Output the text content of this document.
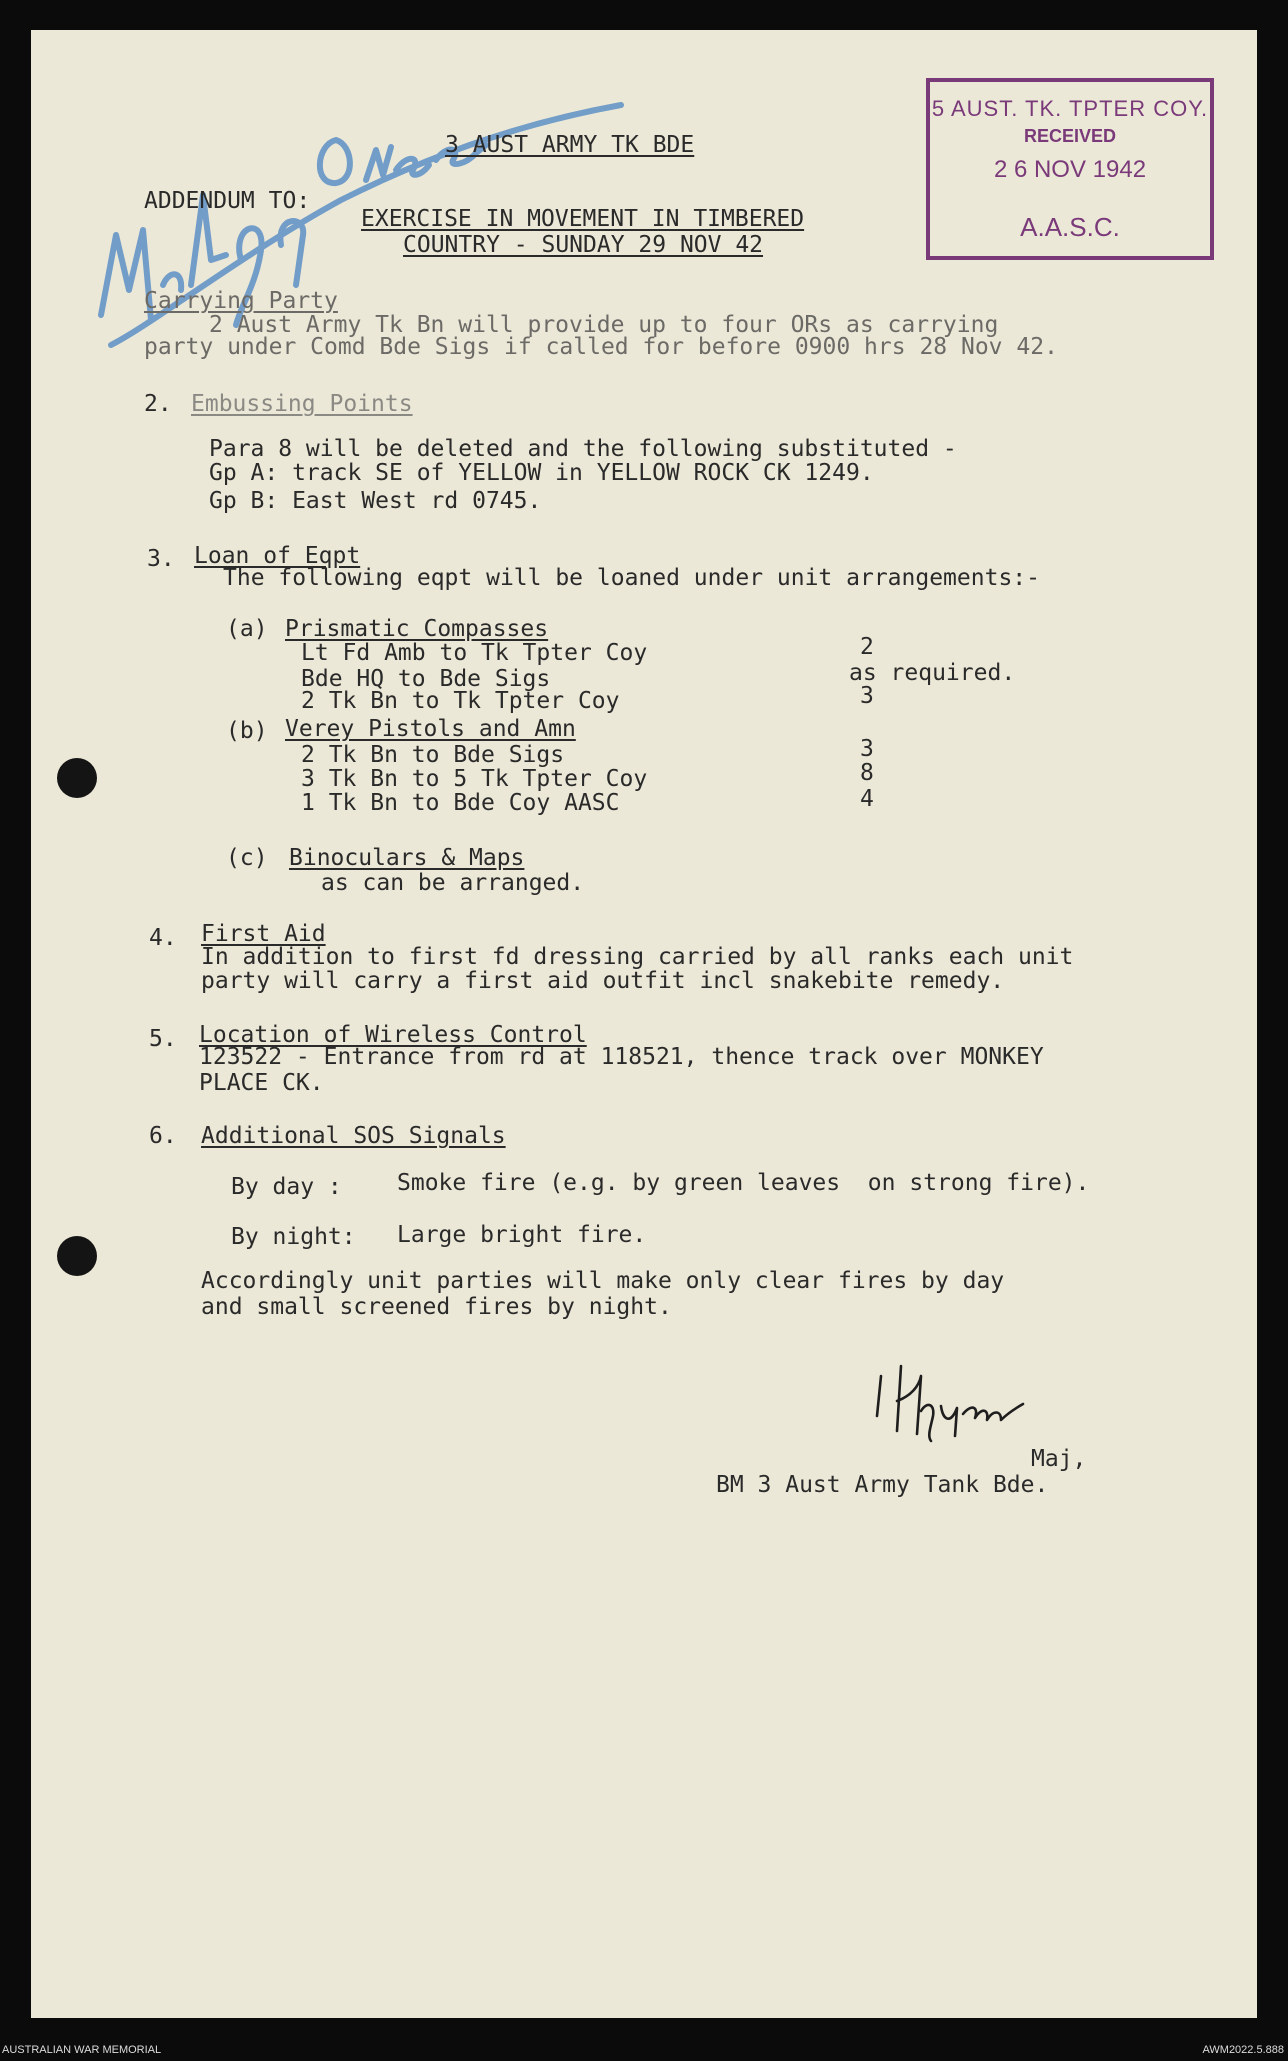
5 AUST. TK. TPTER COY.
RECEIVED
2 6 NOV 1942
A.A.S.C.
3 AUST ARMY TK BDE
ADDENDUM TO:
EXERCISE IN MOVEMENT IN TIMBERED
COUNTRY - SUNDAY 29 NOV 42
Carrying Party
2 Aust Army Tk Bn will provide up to four ORs as carrying
party under Comd Bde Sigs if called for before 0900 hrs 28 Nov 42.
2. Embussing Points
Para 8 will be deleted and the following substituted -
Gp A: track SE of YELLOW in YELLOW ROCK CK 1249.
Gp B: East West rd 0745.
3. Loan of Eqpt
The following eqpt will be loaned under unit arrangements:-
(a) Prismatic Compasses
Lt Fd Amb to Tk Tpter Coy	2
Bde HQ to Bde Sigs	as required.
2 Tk Bn to Tk Tpter Coy	3
(b) Verey Pistols and Amn
2 Tk Bn to Bde Sigs	3
3 Tk Bn to 5 Tk Tpter Coy	8
1 Tk Bn to Bde Coy AASC	4
(c) Binoculars & Maps
as can be arranged.
4. First Aid
In addition to first fd dressing carried by all ranks each unit
party will carry a first aid outfit incl snakebite remedy.
5. Location of Wireless Control
123522 - Entrance from rd at 118521, thence track over MONKEY
PLACE CK.
6. Additional SOS Signals
By day : Smoke fire (e.g. by green leaves  on strong fire).
By night: Large bright fire.
Accordingly unit parties will make only clear fires by day
and small screened fires by night.
I. Hyam
Maj,
BM 3 Aust Army Tank Bde.
AUSTRALIAN WAR MEMORIAL	AWM2022.5.888
